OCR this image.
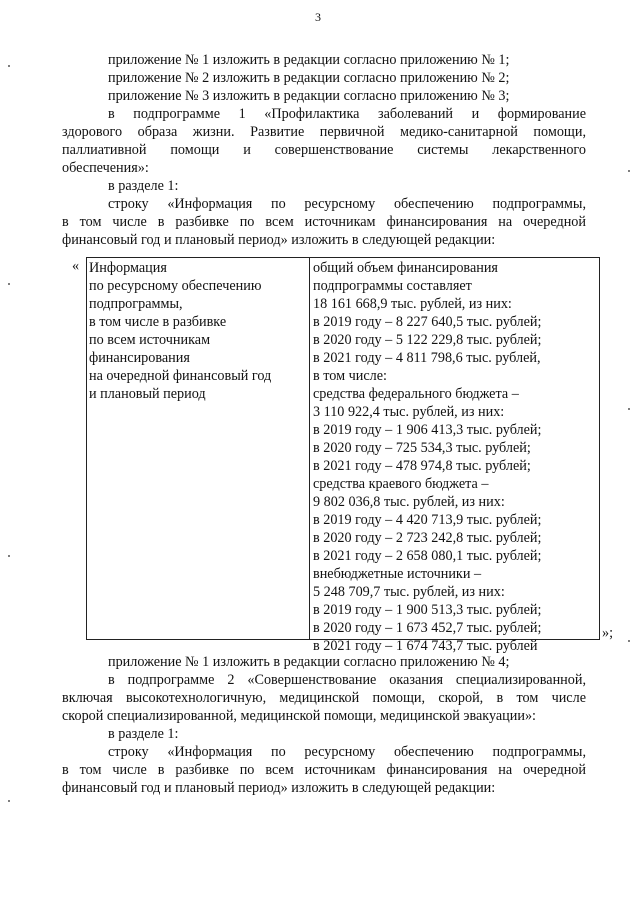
3
приложение № 1 изложить в редакции согласно приложению № 1;
приложение № 2 изложить в редакции согласно приложению № 2;
приложение № 3 изложить в редакции согласно приложению № 3;
в подпрограмме 1 «Профилактика заболеваний и формирование
здорового образа жизни. Развитие первичной медико-санитарной помощи,
паллиативной помощи и совершенствование системы лекарственного
обеспечения»:
в разделе 1:
строку «Информация по ресурсному обеспечению подпрограммы,
в том числе в разбивке по всем источникам финансирования на очередной
финансовый год и плановый период» изложить в следующей редакции:
« Информация
по ресурсному обеспечению
подпрограммы,
в том числе в разбивке
по всем источникам
финансирования
на очередной финансовый год
и плановый период
общий объем финансирования
подпрограммы составляет
18 161 668,9 тыс. рублей, из них:
в 2019 году – 8 227 640,5 тыс. рублей;
в 2020 году – 5 122 229,8 тыс. рублей;
в 2021 году – 4 811 798,6 тыс. рублей,
в том числе:
средства федерального бюджета –
3 110 922,4 тыс. рублей, из них:
в 2019 году – 1 906 413,3 тыс. рублей;
в 2020 году – 725 534,3 тыс. рублей;
в 2021 году – 478 974,8 тыс. рублей;
средства краевого бюджета –
9 802 036,8 тыс. рублей, из них:
в 2019 году – 4 420 713,9 тыс. рублей;
в 2020 году – 2 723 242,8 тыс. рублей;
в 2021 году – 2 658 080,1 тыс. рублей;
внебюджетные источники –
5 248 709,7 тыс. рублей, из них:
в 2019 году – 1 900 513,3 тыс. рублей;
в 2020 году – 1 673 452,7 тыс. рублей;
в 2021 году – 1 674 743,7 тыс. рублей
»;
приложение № 1 изложить в редакции согласно приложению № 4;
в подпрограмме 2 «Совершенствование оказания специализированной,
включая высокотехнологичную, медицинской помощи, скорой, в том числе
скорой специализированной, медицинской помощи, медицинской эвакуации»:
в разделе 1:
строку «Информация по ресурсному обеспечению подпрограммы,
в том числе в разбивке по всем источникам финансирования на очередной
финансовый год и плановый период» изложить в следующей редакции:
